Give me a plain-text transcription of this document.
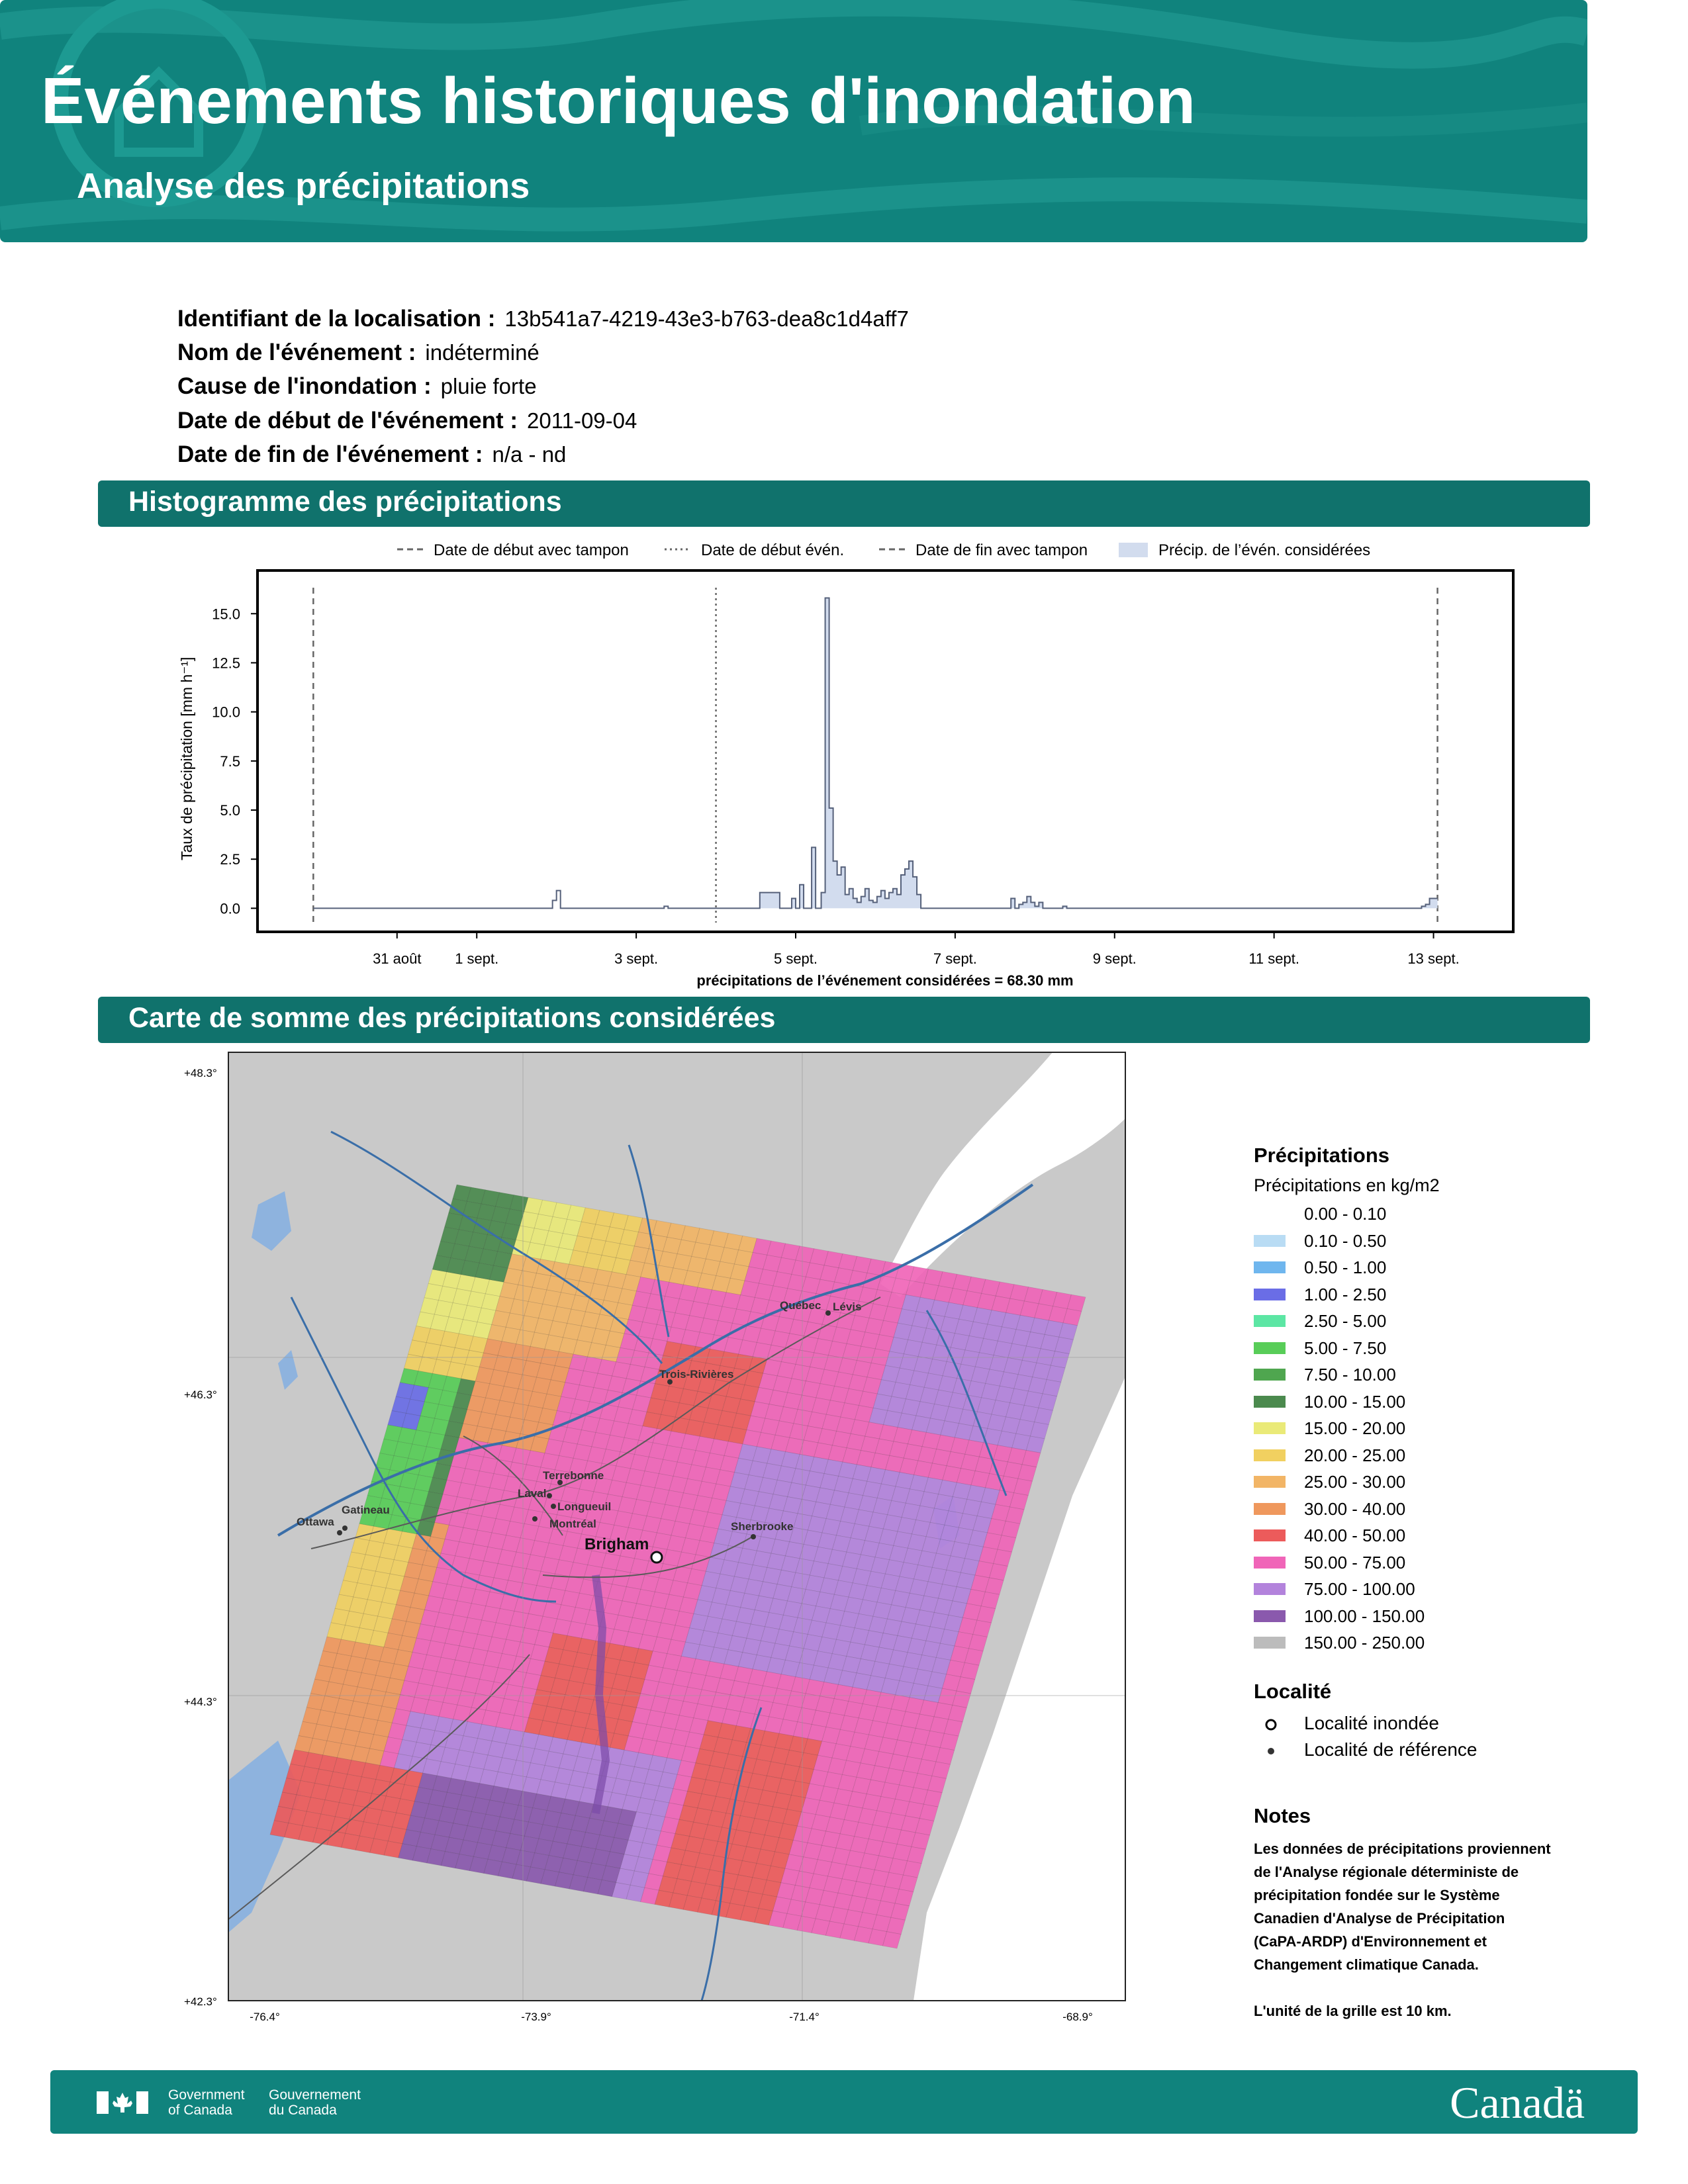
Événements historiques d'inondation
Analyse des précipitations
Identifiant de la localisation : 13b541a7-4219-43e3-b763-dea8c1d4aff7
Nom de l'événement : indéterminé
Cause de l'inondation : pluie forte
Date de début de l'événement : 2011-09-04
Date de fin de l'événement : n/a - nd
Histogramme des précipitations
Date de début avec tampon	Date de début évén.	Date de fin avec tampon	Précip. de l’évén. considérées
0.0
2.5
5.0
7.5
10.0
12.5
15.0
31 août 1 sept.	3 sept.	5 sept.	7 sept.	9 sept.	11 sept.	13 sept.
Taux de précipitation [mm h⁻¹]
précipitations de l’événement considérées = 68.30 mm
Carte de somme des précipitations considérées
Québec Lévis
Trois-Rivières
Terrebonne
Laval
Longueuil
Gatineau
Ottawa	Montréal	Sherbrooke
Brigham
+48.3°
+46.3°
+44.3°
+42.3°
-76.4°	-73.9°	-71.4°	-68.9°
Précipitations
Précipitations en kg/m2
0.00 - 0.10
0.10 - 0.50
0.50 - 1.00
1.00 - 2.50
2.50 - 5.00
5.00 - 7.50
7.50 - 10.00
10.00 - 15.00
15.00 - 20.00
20.00 - 25.00
25.00 - 30.00
30.00 - 40.00
40.00 - 50.00
50.00 - 75.00
75.00 - 100.00
100.00 - 150.00
150.00 - 250.00
Localité
Localité inondée
Localité de référence
Notes
Les données de précipitations proviennent
de l'Analyse régionale déterministe de
précipitation fondée sur le Système
Canadien d'Analyse de Précipitation
(CaPA-ARDP) d'Environnement et
Changement climatique Canada.
L'unité de la grille est 10 km.
Government
of Canada
Gouvernement
du Canada	Canadä
